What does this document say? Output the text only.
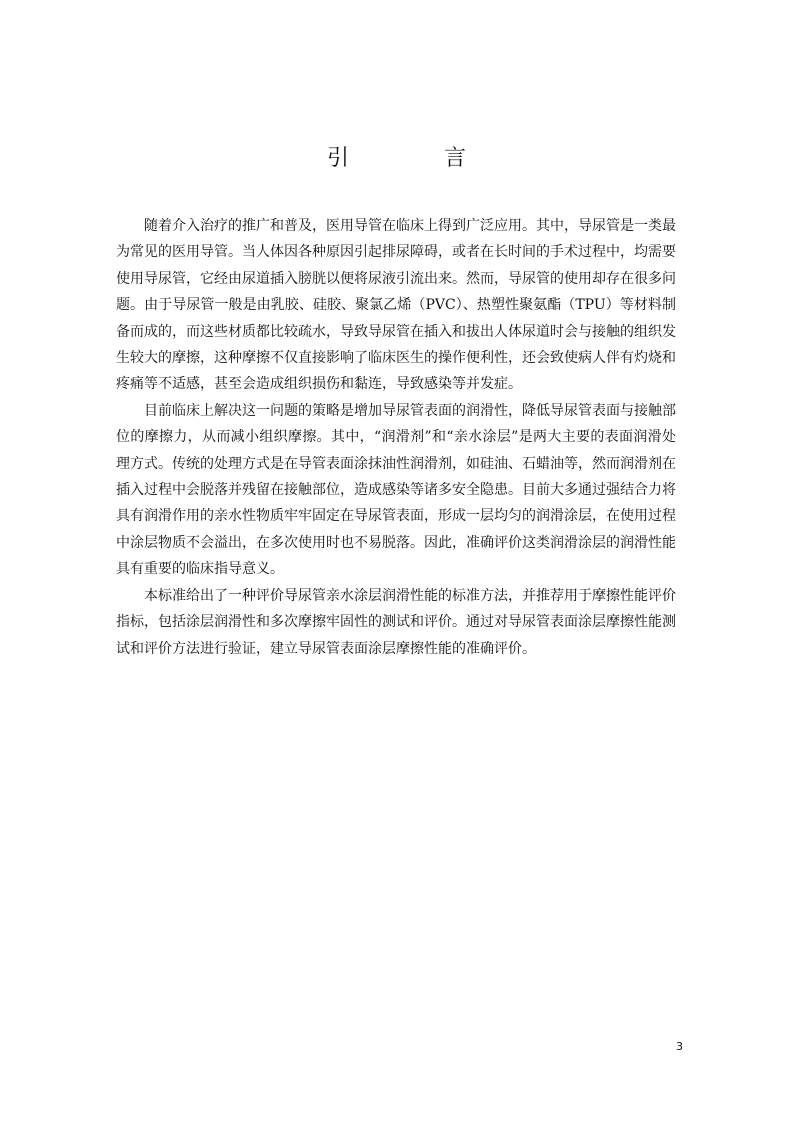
引 言

随着介入治疗的推广和普及，医用导管在临床上得到广泛应用。其中，导尿管是一类最为常见的医用导管。当人体因各种原因引起排尿障碍，或者在长时间的手术过程中，均需要使用导尿管，它经由尿道插入膀胱以便将尿液引流出来。然而，导尿管的使用却存在很多问题。由于导尿管一般是由乳胶、硅胶、聚氯乙烯（PVC）、热塑性聚氨酯（TPU）等材料制备而成的，而这些材质都比较疏水，导致导尿管在插入和拔出人体尿道时会与接触的组织发生较大的摩擦，这种摩擦不仅直接影响了临床医生的操作便利性，还会致使病人伴有灼烧和疼痛等不适感，甚至会造成组织损伤和黏连，导致感染等并发症。

目前临床上解决这一问题的策略是增加导尿管表面的润滑性，降低导尿管表面与接触部位的摩擦力，从而减小组织摩擦。其中，“润滑剂”和“亲水涂层”是两大主要的表面润滑处理方式。传统的处理方式是在导管表面涂抹油性润滑剂，如硅油、石蜡油等，然而润滑剂在插入过程中会脱落并残留在接触部位，造成感染等诸多安全隐患。目前大多通过强结合力将具有润滑作用的亲水性物质牢牢固定在导尿管表面，形成一层均匀的润滑涂层，在使用过程中涂层物质不会溢出，在多次使用时也不易脱落。因此，准确评价这类润滑涂层的润滑性能具有重要的临床指导意义。

本标准给出了一种评价导尿管亲水涂层润滑性能的标准方法，并推荐用于摩擦性能评价指标，包括涂层润滑性和多次摩擦牢固性的测试和评价。通过对导尿管表面涂层摩擦性能测试和评价方法进行验证，建立导尿管表面涂层摩擦性能的准确评价。

3
